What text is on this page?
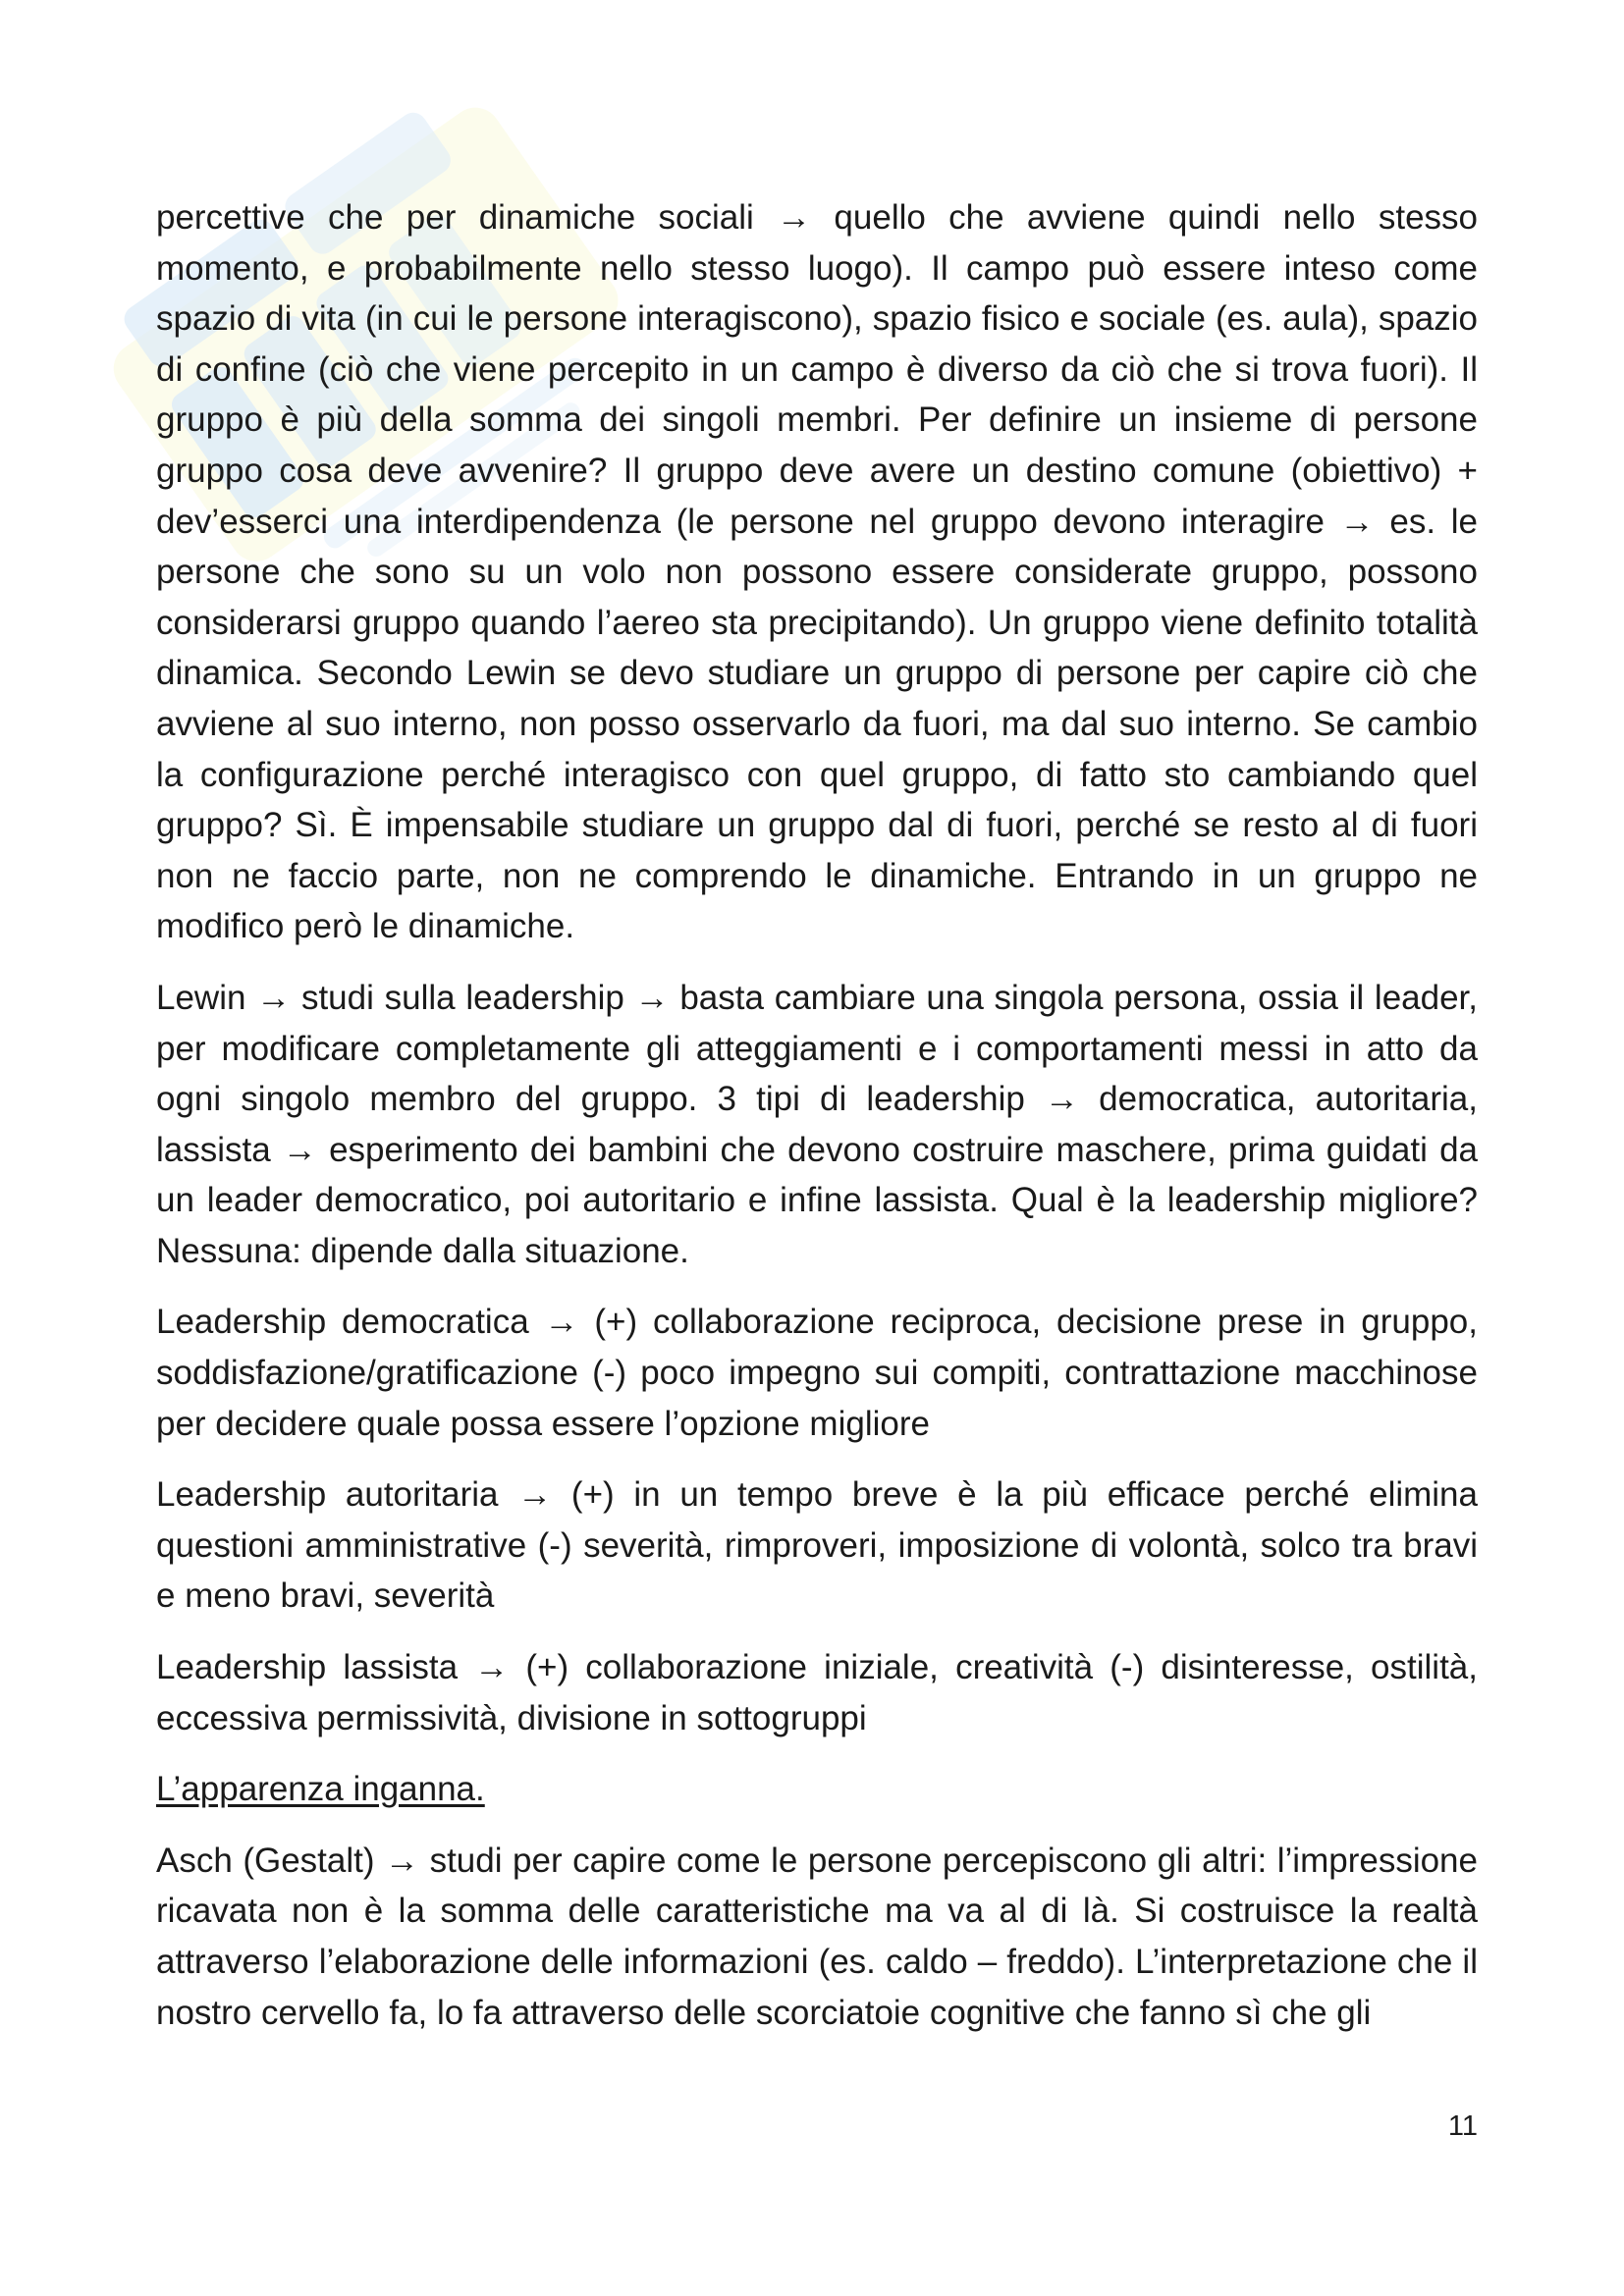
percettive che per dinamiche sociali → quello che avviene quindi nello stesso momento, e probabilmente nello stesso luogo). Il campo può essere inteso come spazio di vita (in cui le persone interagiscono), spazio fisico e sociale (es. aula), spazio di confine (ciò che viene percepito in un campo è diverso da ciò che si trova fuori). Il gruppo è più della somma dei singoli membri. Per definire un insieme di persone gruppo cosa deve avvenire? Il gruppo deve avere un destino comune (obiettivo) + dev’esserci una interdipendenza (le persone nel gruppo devono interagire → es. le persone che sono su un volo non possono essere considerate gruppo, possono considerarsi gruppo quando l’aereo sta precipitando). Un gruppo viene definito totalità dinamica. Secondo Lewin se devo studiare un gruppo di persone per capire ciò che avviene al suo interno, non posso osservarlo da fuori, ma dal suo interno. Se cambio la configurazione perché interagisco con quel gruppo, di fatto sto cambiando quel gruppo? Sì. È impensabile studiare un gruppo dal di fuori, perché se resto al di fuori non ne faccio parte, non ne comprendo le dinamiche. Entrando in un gruppo ne modifico però le dinamiche.

Lewin → studi sulla leadership → basta cambiare una singola persona, ossia il leader, per modificare completamente gli atteggiamenti e i comportamenti messi in atto da ogni singolo membro del gruppo. 3 tipi di leadership → democratica, autoritaria, lassista → esperimento dei bambini che devono costruire maschere, prima guidati da un leader democratico, poi autoritario e infine lassista. Qual è la leadership migliore? Nessuna: dipende dalla situazione.

Leadership democratica → (+) collaborazione reciproca, decisione prese in gruppo, soddisfazione/gratificazione (-) poco impegno sui compiti, contrattazione macchinose per decidere quale possa essere l’opzione migliore

Leadership autoritaria → (+) in un tempo breve è la più efficace perché elimina questioni amministrative (-) severità, rimproveri, imposizione di volontà, solco tra bravi e meno bravi, severità

Leadership lassista → (+) collaborazione iniziale, creatività (-) disinteresse, ostilità, eccessiva permissività, divisione in sottogruppi

L’apparenza inganna.

Asch (Gestalt) → studi per capire come le persone percepiscono gli altri: l’impressione ricavata non è la somma delle caratteristiche ma va al di là. Si costruisce la realtà attraverso l’elaborazione delle informazioni (es. caldo – freddo). L’interpretazione che il nostro cervello fa, lo fa attraverso delle scorciatoie cognitive che fanno sì che gli

11
